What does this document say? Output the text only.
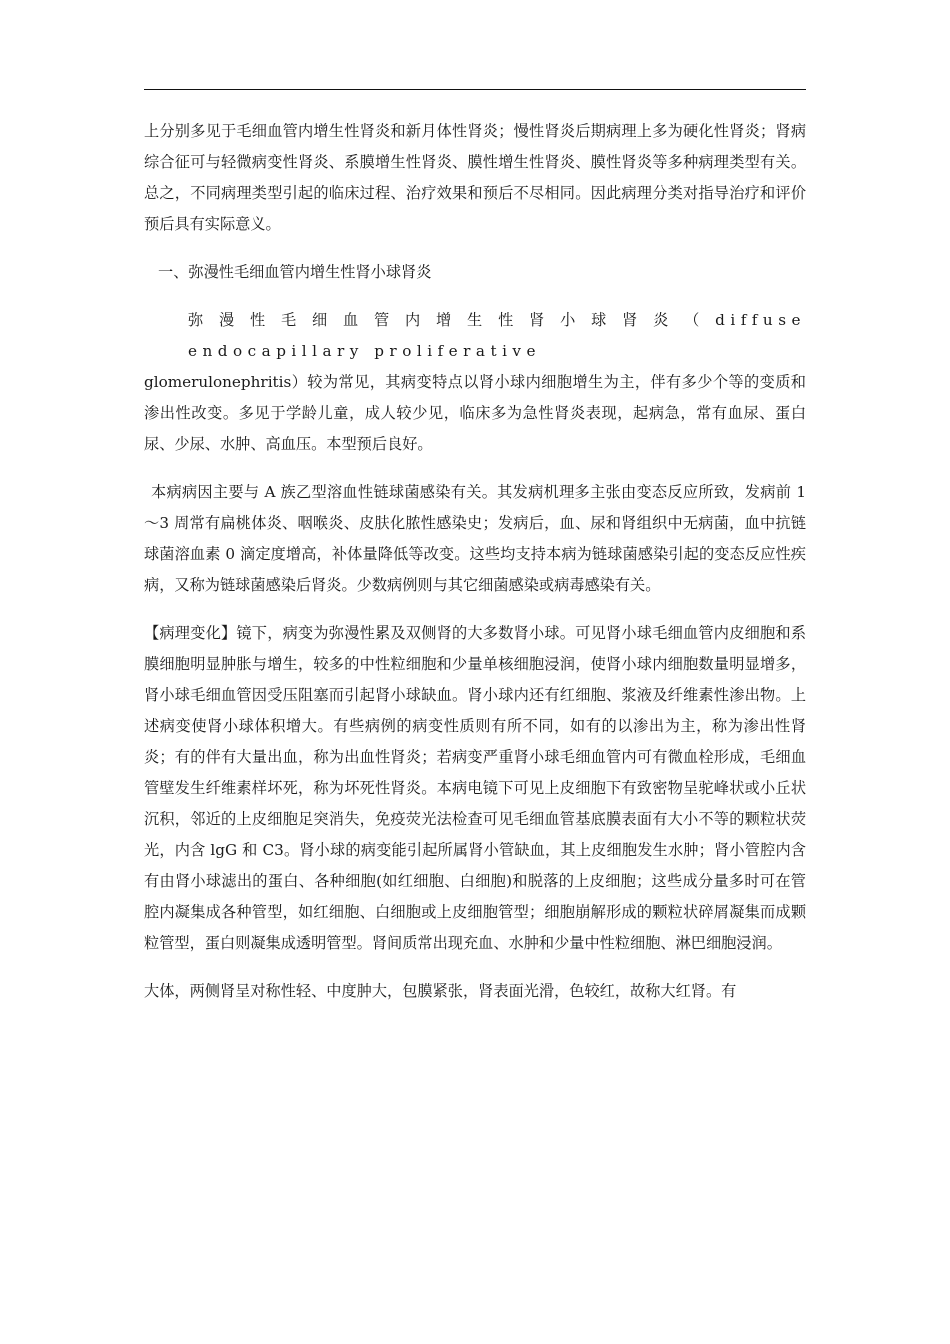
上分别多见于毛细血管内增生性肾炎和新月体性肾炎；慢性肾炎后期病理上多为硬化性肾炎；肾病综合征可与轻微病变性肾炎、系膜增生性肾炎、膜性增生性肾炎、膜性肾炎等多种病理类型有关。总之，不同病理类型引起的临床过程、治疗效果和预后不尽相同。因此病理分类对指导治疗和评价预后具有实际意义。

一、弥漫性毛细血管内增生性肾小球肾炎

弥漫性毛细血管内增生性肾小球肾炎（diffuse endocapillary proliferativeglomerulonephritis）较为常见，其病变特点以肾小球内细胞增生为主，伴有多少个等的变质和渗出性改变。多见于学龄儿童，成人较少见，临床多为急性肾炎表现，起病急，常有血尿、蛋白尿、少尿、水肿、高血压。本型预后良好。

本病病因主要与 A 族乙型溶血性链球菌感染有关。其发病机理多主张由变态反应所致，发病前 1～3 周常有扁桃体炎、咽喉炎、皮肤化脓性感染史；发病后，血、尿和肾组织中无病菌，血中抗链球菌溶血素 0 滴定度增高，补体量降低等改变。这些均支持本病为链球菌感染引起的变态反应性疾病，又称为链球菌感染后肾炎。少数病例则与其它细菌感染或病毒感染有关。

【病理变化】镜下，病变为弥漫性累及双侧肾的大多数肾小球。可见肾小球毛细血管内皮细胞和系膜细胞明显肿胀与增生，较多的中性粒细胞和少量单核细胞浸润，使肾小球内细胞数量明显增多，肾小球毛细血管因受压阻塞而引起肾小球缺血。肾小球内还有红细胞、浆液及纤维素性渗出物。上述病变使肾小球体积增大。有些病例的病变性质则有所不同，如有的以渗出为主，称为渗出性肾炎；有的伴有大量出血，称为出血性肾炎；若病变严重肾小球毛细血管内可有微血栓形成，毛细血管壁发生纤维素样坏死，称为坏死性肾炎。本病电镜下可见上皮细胞下有致密物呈驼峰状或小丘状沉积，邻近的上皮细胞足突消失，免疫荧光法检查可见毛细血管基底膜表面有大小不等的颗粒状荧光，内含 lgG 和 C3。肾小球的病变能引起所属肾小管缺血，其上皮细胞发生水肿；肾小管腔内含有由肾小球滤出的蛋白、各种细胞(如红细胞、白细胞)和脱落的上皮细胞；这些成分量多时可在管腔内凝集成各种管型，如红细胞、白细胞或上皮细胞管型；细胞崩解形成的颗粒状碎屑凝集而成颗粒管型，蛋白则凝集成透明管型。肾间质常出现充血、水肿和少量中性粒细胞、淋巴细胞浸润。

大体，两侧肾呈对称性轻、中度肿大，包膜紧张，肾表面光滑，色较红，故称大红肾。有
